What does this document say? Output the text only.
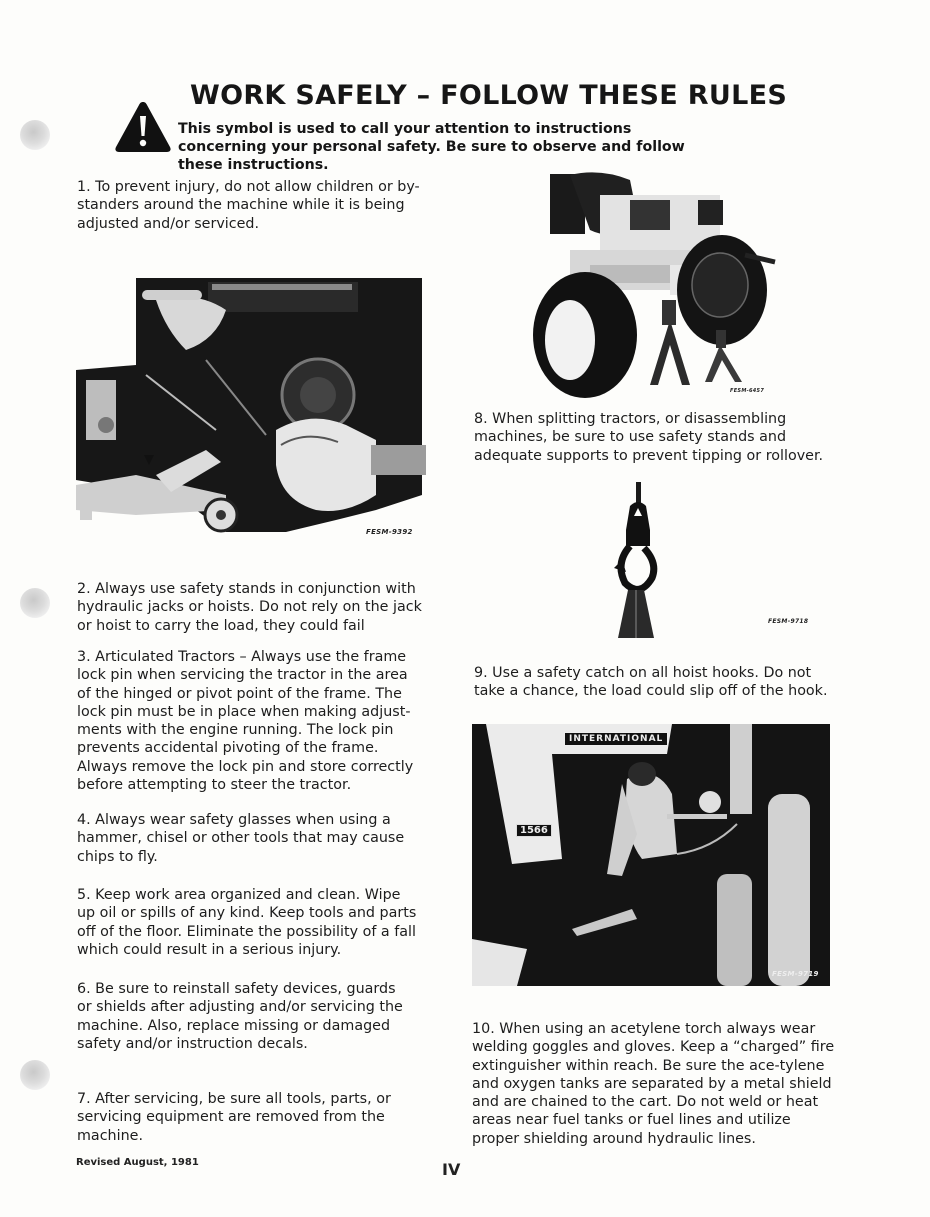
WORK SAFELY – FOLLOW THESE RULES
This symbol is used to call your attention to instructions concerning your personal safety. Be sure to observe and follow these instructions.
1. To prevent injury, do not allow children or by-standers around the machine while it is being adjusted and/or serviced.
FESM-9392
2. Always use safety stands in conjunction with hydraulic jacks or hoists. Do not rely on the jack or hoist to carry the load, they could fail
3. Articulated Tractors – Always use the frame lock pin when servicing the tractor in the area of the hinged or pivot point of the frame. The lock pin must be in place when making adjust-ments with the engine running. The lock pin prevents accidental pivoting of the frame. Always remove the lock pin and store correctly before attempting to steer the tractor.
4. Always wear safety glasses when using a hammer, chisel or other tools that may cause chips to fly.
5. Keep work area organized and clean. Wipe up oil or spills of any kind. Keep tools and parts off of the floor. Eliminate the possibility of a fall which could result in a serious injury.
6. Be sure to reinstall safety devices, guards or shields after adjusting and/or servicing the machine. Also, replace missing or damaged safety and/or instruction decals.
7. After servicing, be sure all tools, parts, or servicing equipment are removed from the machine.
FESM-6457
8. When splitting tractors, or disassembling machines, be sure to use safety stands and adequate supports to prevent tipping or rollover.
FESM-9718
9. Use a safety catch on all hoist hooks. Do not take a chance, the load could slip off of the hook.
INTERNATIONAL
1566
FESM-9719
10. When using an acetylene torch always wear welding goggles and gloves. Keep a “charged” fire extinguisher within reach. Be sure the ace-tylene and oxygen tanks are separated by a metal shield and are chained to the cart. Do not weld or heat areas near fuel tanks or fuel lines and utilize proper shielding around hydraulic lines.
Revised August, 1981	IV
